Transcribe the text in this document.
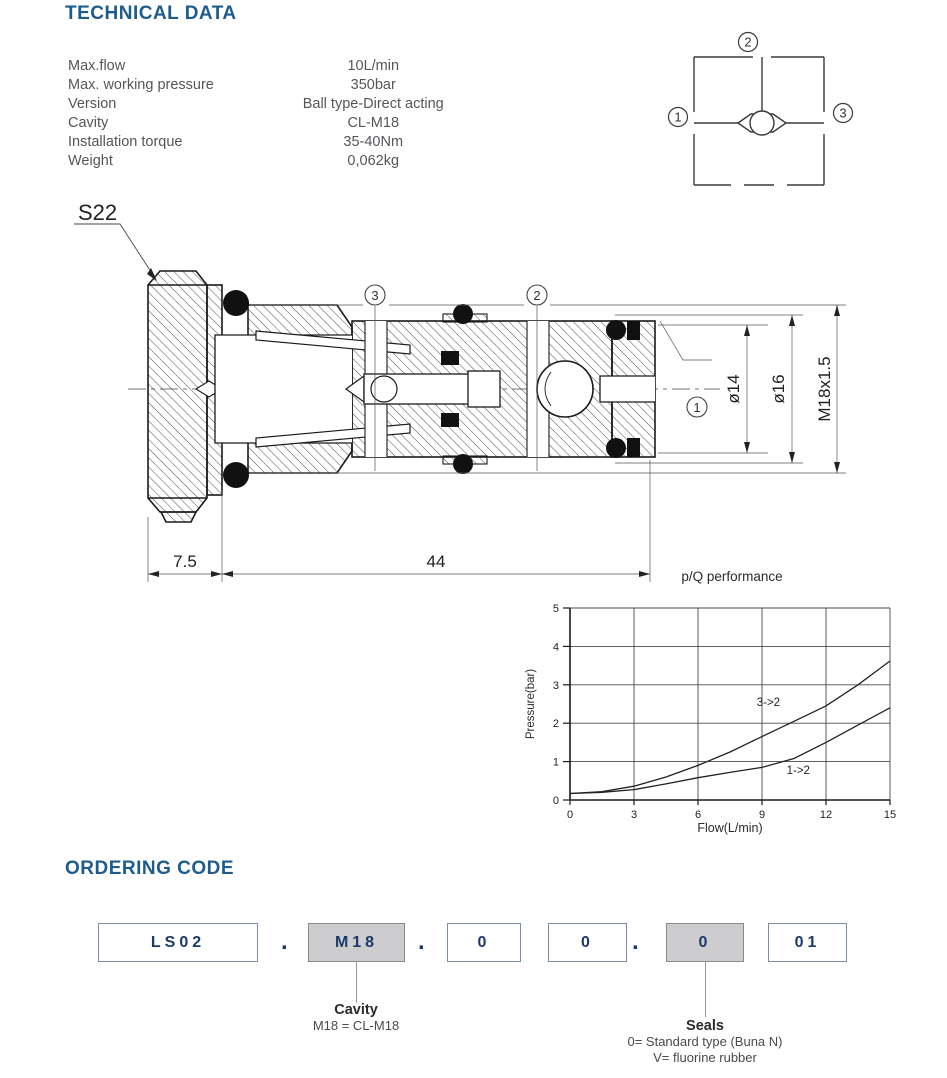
TECHNICAL DATA
Max.flow	10L/min
Max. working pressure	350bar
Version	Ball type-Direct acting
Cavity	CL-M18
Installation torque	35-40Nm
Weight	0,062kg
2
1	3
3	2
1
S22
ø14 ø16 M18x1.5
7.5	44
p/Q performance
Pressure(bar)
Flow(L/min)
0
1
2
3
4
5
0	3	6	9	12	15
3->2
1->2
ORDERING CODE
LS02	.	M18	.	0	0	.	0	01
Cavity
M18 = CL-M18	Seals
0= Standard type (Buna N)
V= fluorine rubber
